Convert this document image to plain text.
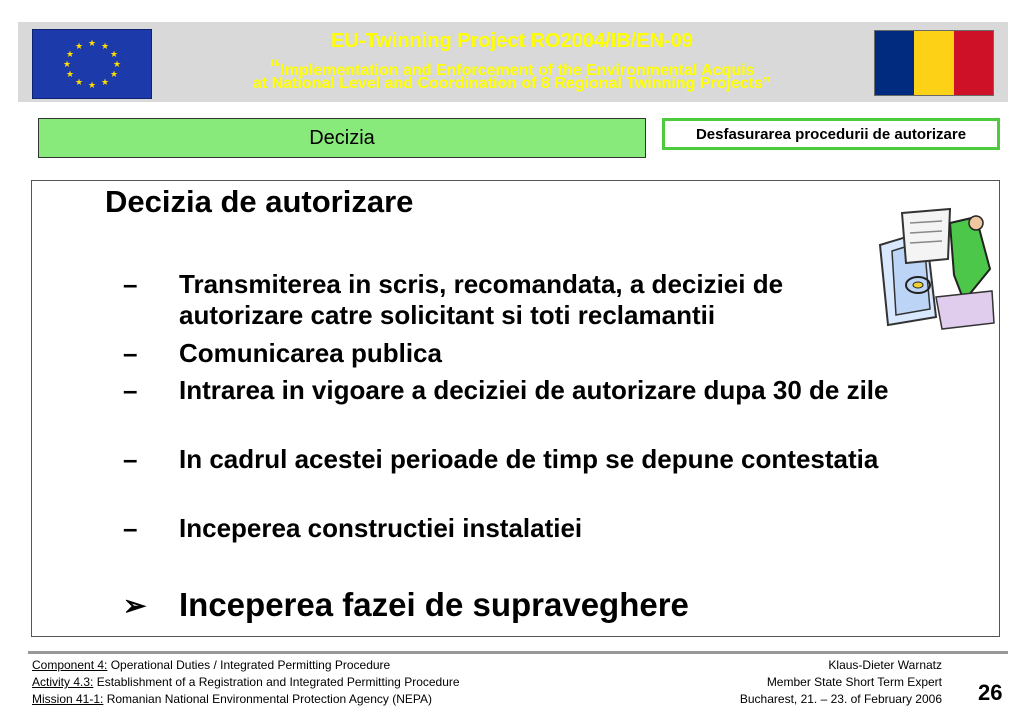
★ ★
★
★
★
★
★
★
★
★
★
★	EU-Twinning Project RO2004/IB/EN-09
“Implementation and Enforcement of the Environmental Acquis
at National Level and Coordination of 8 Regional Twinning Projects”
Decizia	Desfasurarea procedurii de autorizare
Decizia de autorizare
–	Transmiterea in scris, recomandata, a deciziei de autorizare catre solicitant si toti reclamantii
–	Comunicarea publica
–	Intrarea in vigoare a deciziei de autorizare dupa 30 de zile
–	In cadrul acestei perioade de timp se depune contestatia
–	Inceperea constructiei instalatiei
➢ Inceperea fazei de supraveghere
Component 4: Operational Duties / Integrated Permitting Procedure
Activity 4.3: Establishment of a Registration and Integrated Permitting Procedure
Mission 41-1: Romanian National Environmental Protection Agency (NEPA)
Klaus-Dieter Warnatz
Member State Short Term Expert
Bucharest, 21. – 23. of February 2006 26
